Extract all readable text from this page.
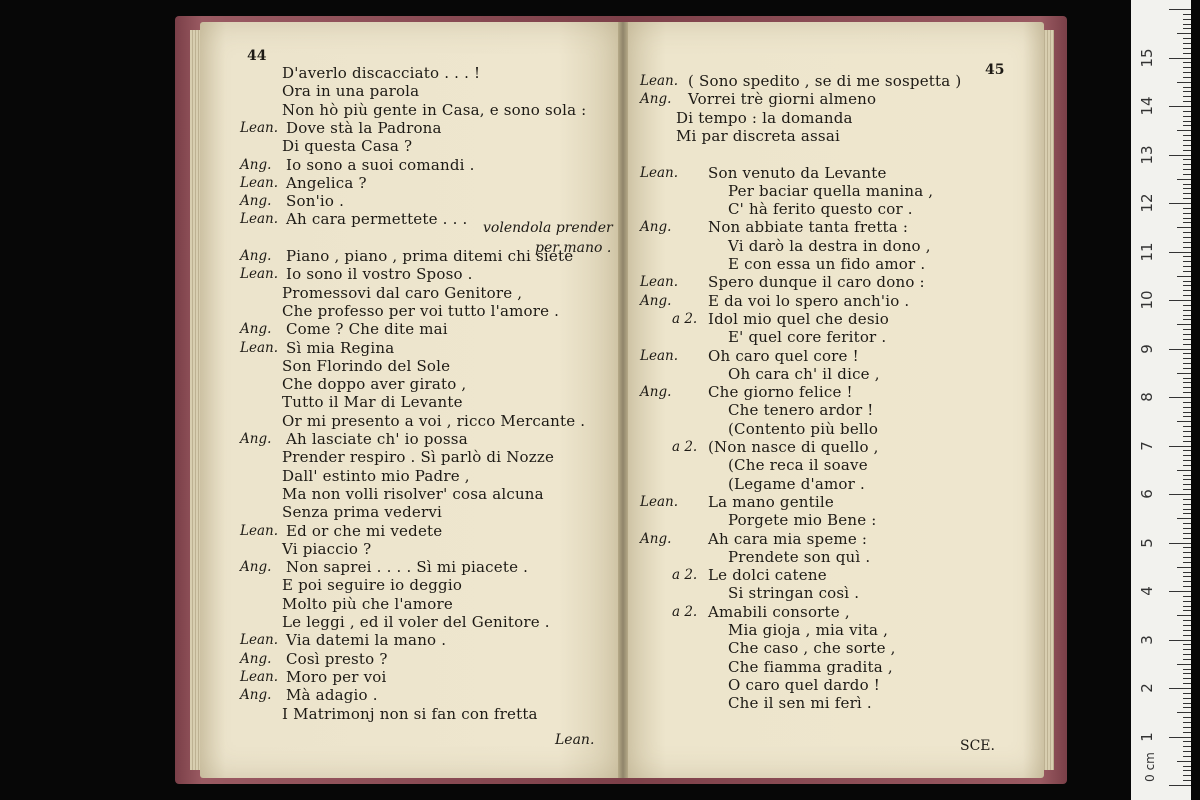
44
45
volendola prender
per mano .
Lean.	SCE.
0 cm
1
2
3
4
5
6
7
8
9
10
11
12
13
14
15
D'averlo discacciato . . . !
Ora in una parola
Non hò più gente in Casa, e sono sola :
Lean. Dove stà la Padrona
Di questa Casa ?
Ang. Io sono a suoi comandi .
Lean. Angelica ?
Ang. Son'io .
Lean. Ah cara permettete . . .
Ang. Piano , piano , prima ditemi chi siete
Lean. Io sono il vostro Sposo .
Promessovi dal caro Genitore ,
Che professo per voi tutto l'amore .
Ang. Come ? Che dite mai
Lean. Sì mia Regina
Son Florindo del Sole
Che doppo aver girato ,
Tutto il Mar di Levante
Or mi presento a voi , ricco Mercante .
Ang. Ah lasciate ch' io possa
Prender respiro . Sì parlò di Nozze
Dall' estinto mio Padre ,
Ma non volli risolver' cosa alcuna
Senza prima vedervi
Lean. Ed or che mi vedete
Vi piaccio ?
Ang. Non saprei . . . . Sì mi piacete .
E poi seguire io deggio
Molto più che l'amore
Le leggi , ed il voler del Genitore .
Lean. Via datemi la mano .
Ang. Così presto ?
Lean. Moro per voi
Ang. Mà adagio .
I Matrimonj non si fan con fretta
Lean. ( Sono spedito , se di me sospetta )
Ang. Vorrei trè giorni almeno
Di tempo : la domanda
Mi par discreta assai
Lean. Son venuto da Levante
Per baciar quella manina ,
C' hà ferito questo cor .
Ang. Non abbiate tanta fretta :
Vi darò la destra in dono ,
E con essa un fido amor .
Lean. Spero dunque il caro dono :
Ang. E da voi lo spero anch'io .
a 2. Idol mio quel che desio
E' quel core feritor .
Lean. Oh caro quel core !
Oh cara ch' il dice ,
Ang. Che giorno felice !
Che tenero ardor !
(Contento più bello
a 2. (Non nasce di quello ,
(Che reca il soave
(Legame d'amor .
Lean. La mano gentile
Porgete mio Bene :
Ang. Ah cara mia speme :
Prendete son quì .
a 2. Le dolci catene
Si stringan così .
a 2. Amabili consorte ,
Mia gioja , mia vita ,
Che caso , che sorte ,
Che fiamma gradita ,
O caro quel dardo !
Che il sen mi ferì .
